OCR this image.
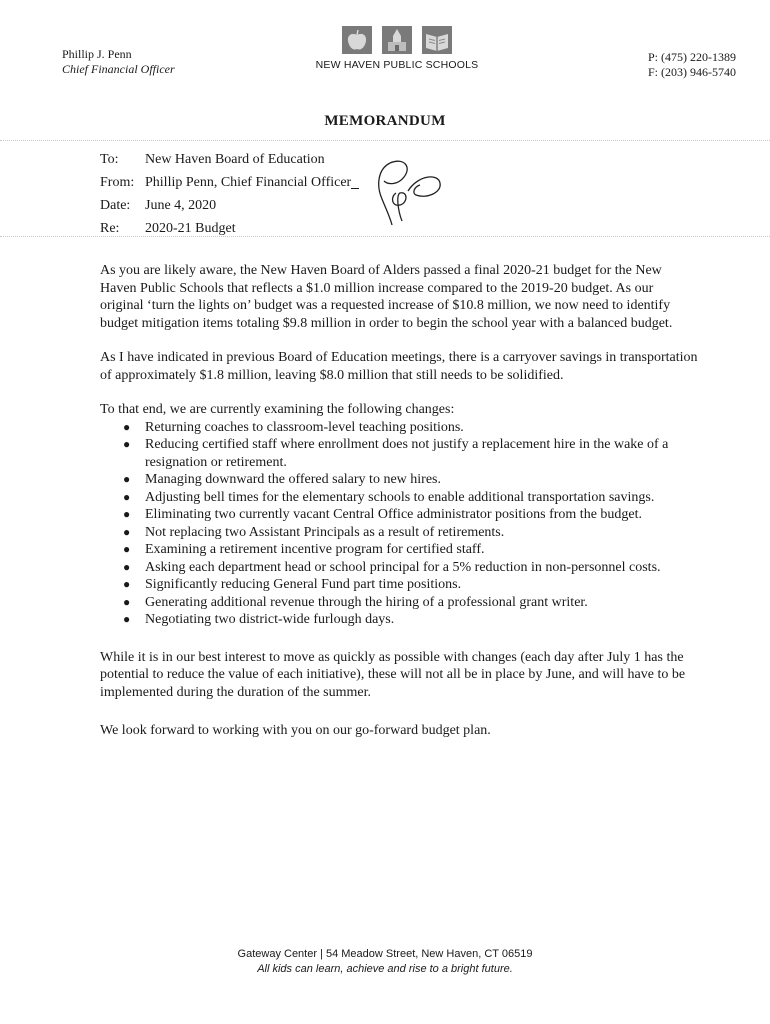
Phillip J. Penn
Chief Financial Officer	NEW HAVEN PUBLIC SCHOOLS
P: (475) 220-1389
F: (203) 946-5740
MEMORANDUM
To:	New Haven Board of Education
From: Phillip Penn, Chief Financial Officer
Date:	June 4, 2020
Re:	2020-21 Budget

As you are likely aware, the New Haven Board of Alders passed a final 2020-21 budget for the New Haven Public Schools that reflects a $1.0 million increase compared to the 2019-20 budget. As our original ‘turn the lights on’ budget was a requested increase of $10.8 million, we now need to identify budget mitigation items totaling $9.8 million in order to begin the school year with a balanced budget.

As I have indicated in previous Board of Education meetings, there is a carryover savings in transportation of approximately $1.8 million, leaving $8.0 million that still needs to be solidified.

To that end, we are currently examining the following changes:

● Returning coaches to classroom-level teaching positions.
● Reducing certified staff where enrollment does not justify a replacement hire in the wake of a resignation or retirement.
● Managing downward the offered salary to new hires.
● Adjusting bell times for the elementary schools to enable additional transportation savings.
● Eliminating two currently vacant Central Office administrator positions from the budget.
● Not replacing two Assistant Principals as a result of retirements.
● Examining a retirement incentive program for certified staff.
● Asking each department head or school principal for a 5% reduction in non-personnel costs.
● Significantly reducing General Fund part time positions.
● Generating additional revenue through the hiring of a professional grant writer.
● Negotiating two district-wide furlough days.

While it is in our best interest to move as quickly as possible with changes (each day after July 1 has the potential to reduce the value of each initiative), these will not all be in place by June, and will have to be implemented during the duration of the summer.

We look forward to working with you on our go-forward budget plan.

Gateway Center | 54 Meadow Street, New Haven, CT 06519
All kids can learn, achieve and rise to a bright future.
